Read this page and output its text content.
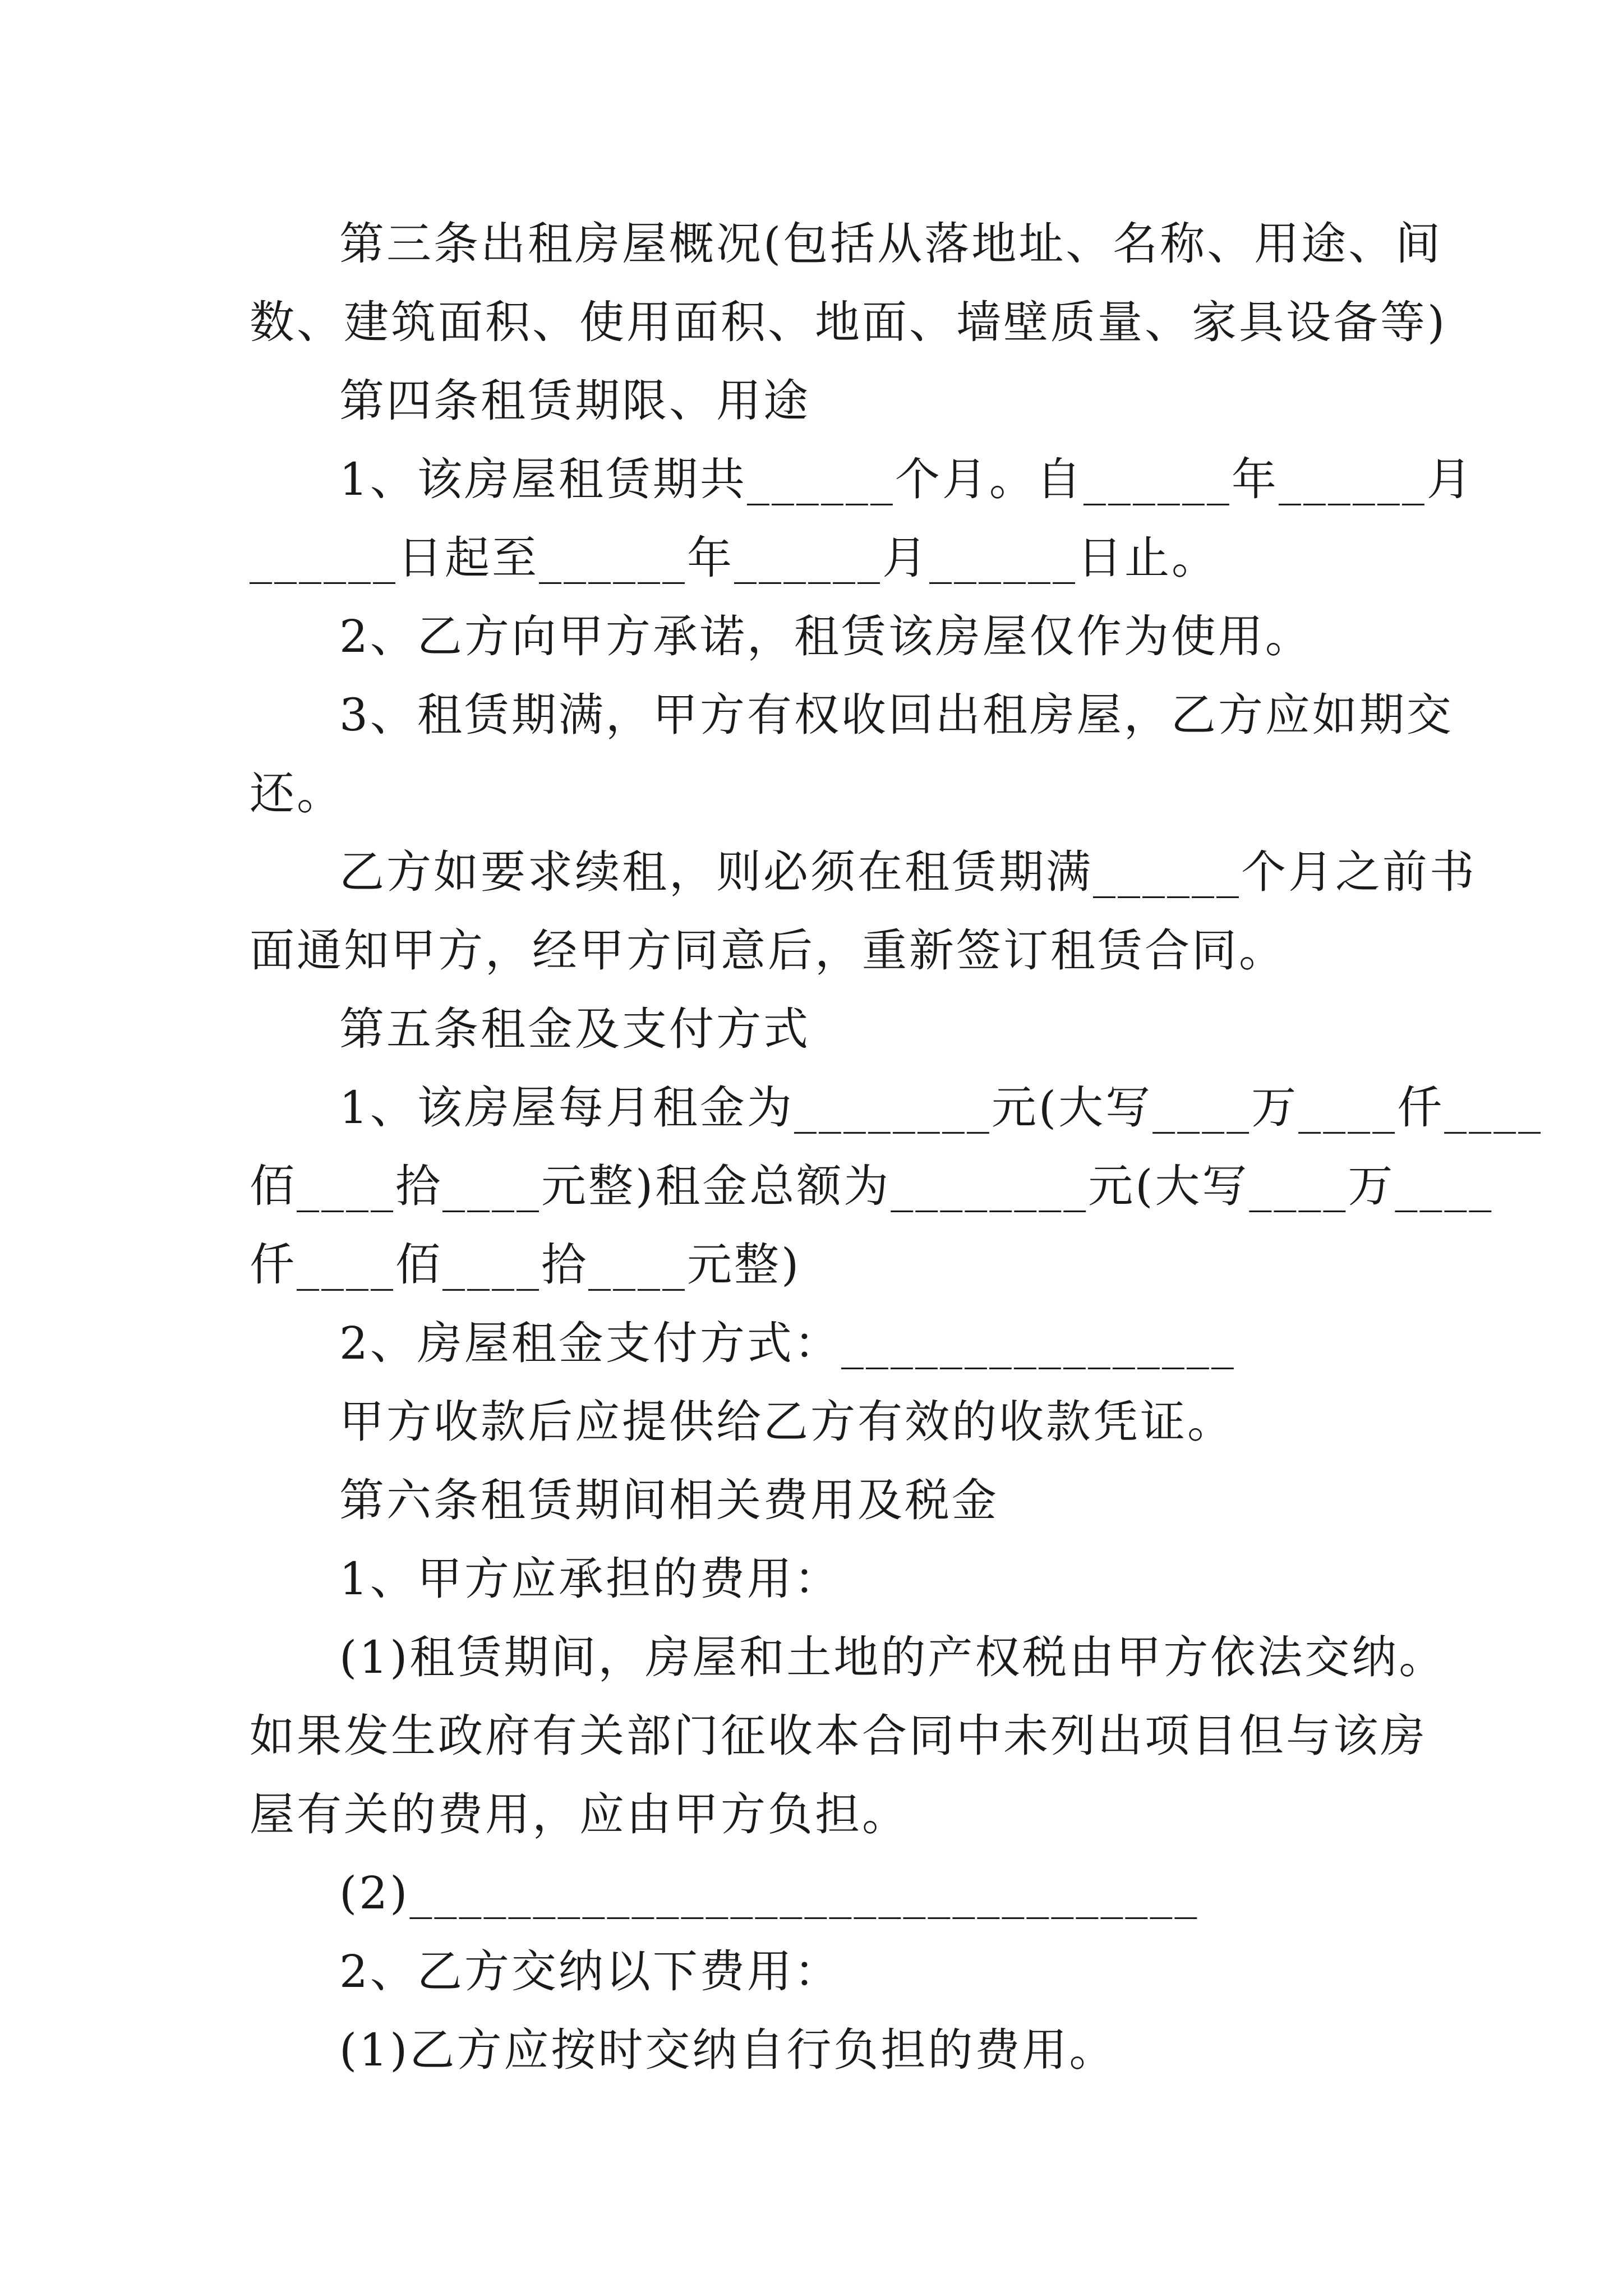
第三条出租房屋概况(包括从落地址、名称、用途、间
数、建筑面积、使用面积、地面、墙壁质量、家具设备等)
第四条租赁期限、用途
1、该房屋租赁期共______个月。自______年______月
______日起至______年______月______日止。
2、乙方向甲方承诺，租赁该房屋仅作为使用。
3、租赁期满，甲方有权收回出租房屋，乙方应如期交
还。
乙方如要求续租，则必须在租赁期满______个月之前书
面通知甲方，经甲方同意后，重新签订租赁合同。
第五条租金及支付方式
1、该房屋每月租金为________元(大写____万____仟____
佰____拾____元整)租金总额为________元(大写____万____
仟____佰____拾____元整)
2、房屋租金支付方式：________________
甲方收款后应提供给乙方有效的收款凭证。
第六条租赁期间相关费用及税金
1、甲方应承担的费用：
(1)租赁期间，房屋和土地的产权税由甲方依法交纳。
如果发生政府有关部门征收本合同中未列出项目但与该房
屋有关的费用，应由甲方负担。
(2)________________________________
2、乙方交纳以下费用：
(1)乙方应按时交纳自行负担的费用。
